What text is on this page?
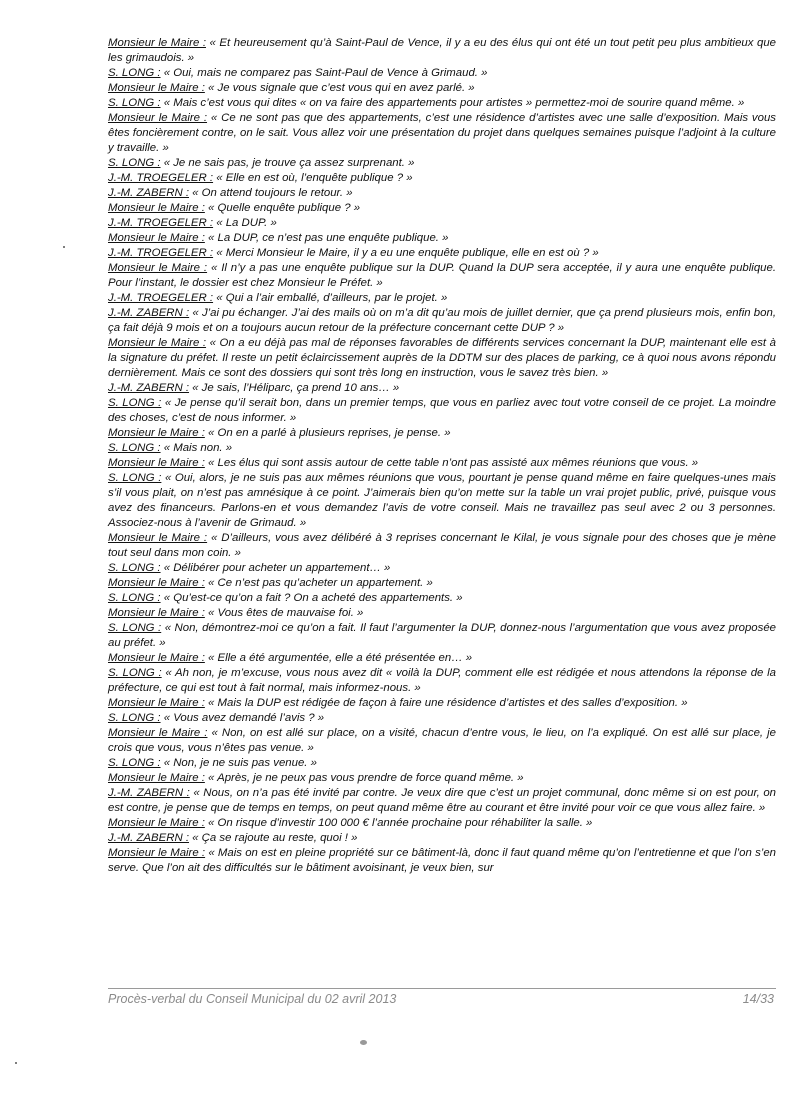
Monsieur le Maire : « Et heureusement qu’à Saint-Paul de Vence, il y a eu des élus qui ont été un tout petit peu plus ambitieux que les grimaudois. »

S. LONG : « Oui, mais ne comparez pas Saint-Paul de Vence à Grimaud. »

Monsieur le Maire : « Je vous signale que c’est vous qui en avez parlé. »

S. LONG : « Mais c’est vous qui dites « on va faire des appartements pour artistes » permettez-moi de sourire quand même. »

Monsieur le Maire : « Ce ne sont pas que des appartements, c’est une résidence d’artistes avec une salle d’exposition. Mais vous êtes foncièrement contre, on le sait. Vous allez voir une présentation du projet dans quelques semaines puisque l’adjoint à la culture y travaille. »

S. LONG : « Je ne sais pas, je trouve ça assez surprenant. »

J.-M. TROEGELER : « Elle en est où, l’enquête publique ? »

J.-M. ZABERN : « On attend toujours le retour. »

Monsieur le Maire : « Quelle enquête publique ? »

J.-M. TROEGELER : « La DUP. »

Monsieur le Maire : « La DUP, ce n’est pas une enquête publique. »

J.-M. TROEGELER : « Merci Monsieur le Maire, il y a eu une enquête publique, elle en est où ? »

Monsieur le Maire : « Il n’y a pas une enquête publique sur la DUP. Quand la DUP sera acceptée, il y aura une enquête publique. Pour l’instant, le dossier est chez Monsieur le Préfet. »

J.-M. TROEGELER : « Qui a l’air emballé, d’ailleurs, par le projet. »

J.-M. ZABERN : « J’ai pu échanger. J’ai des mails où on m’a dit qu’au mois de juillet dernier, que ça prend plusieurs mois, enfin bon, ça fait déjà 9 mois et on a toujours aucun retour de la préfecture concernant cette DUP ? »

Monsieur le Maire : « On a eu déjà pas mal de réponses favorables de différents services concernant la DUP, maintenant elle est à la signature du préfet. Il reste un petit éclaircissement auprès de la DDTM sur des places de parking, ce à quoi nous avons répondu dernièrement. Mais ce sont des dossiers qui sont très long en instruction, vous le savez très bien. »

J.-M. ZABERN : « Je sais, l’Héliparc, ça prend 10 ans… »

S. LONG : « Je pense qu’il serait bon, dans un premier temps, que vous en parliez avec tout votre conseil de ce projet. La moindre des choses, c’est de nous informer. »

Monsieur le Maire : « On en a parlé à plusieurs reprises, je pense. »

S. LONG : « Mais non. »

Monsieur le Maire : « Les élus qui sont assis autour de cette table n’ont pas assisté aux mêmes réunions que vous. »

S. LONG : « Oui, alors, je ne suis pas aux mêmes réunions que vous, pourtant je pense quand même en faire quelques-unes mais s’il vous plait, on n’est pas amnésique à ce point. J’aimerais bien qu’on mette sur la table un vrai projet public, privé, puisque vous avez des financeurs. Parlons-en et vous demandez l’avis de votre conseil. Mais ne travaillez pas seul avec 2 ou 3 personnes. Associez-nous à l’avenir de Grimaud. »

Monsieur le Maire : « D’ailleurs, vous avez délibéré à 3 reprises concernant le Kilal, je vous signale pour des choses que je mène tout seul dans mon coin. »

S. LONG : « Délibérer pour acheter un appartement… »

Monsieur le Maire : « Ce n’est pas qu’acheter un appartement. »

S. LONG : « Qu’est-ce qu’on a fait ? On a acheté des appartements. »

Monsieur le Maire : « Vous êtes de mauvaise foi. »

S. LONG : « Non, démontrez-moi ce qu’on a fait. Il faut l’argumenter la DUP, donnez-nous l’argumentation que vous avez proposée au préfet. »

Monsieur le Maire : « Elle a été argumentée, elle a été présentée en… »

S. LONG : « Ah non, je m’excuse, vous nous avez dit « voilà la DUP, comment elle est rédigée et nous attendons la réponse de la préfecture, ce qui est tout à fait normal, mais informez-nous. »

Monsieur le Maire : « Mais la DUP est rédigée de façon à faire une résidence d’artistes et des salles d’exposition. »

S. LONG : « Vous avez demandé l’avis ? »

Monsieur le Maire : « Non, on est allé sur place, on a visité, chacun d’entre vous, le lieu, on l’a expliqué. On est allé sur place, je crois que vous, vous n’êtes pas venue. »

S. LONG : « Non, je ne suis pas venue. »

Monsieur le Maire : « Après, je ne peux pas vous prendre de force quand même. »

J.-M. ZABERN : « Nous, on n’a pas été invité par contre. Je veux dire que c’est un projet communal, donc même si on est pour, on est contre, je pense que de temps en temps, on peut quand même être au courant et être invité pour voir ce que vous allez faire. »

Monsieur le Maire : « On risque d’investir 100 000 € l’année prochaine pour réhabiliter la salle. »

J.-M. ZABERN : « Ça se rajoute au reste, quoi ! »

Monsieur le Maire : « Mais on est en pleine propriété sur ce bâtiment-là, donc il faut quand même qu’on l’entretienne et que l’on s’en serve. Que l’on ait des difficultés sur le bâtiment avoisinant, je veux bien, sur

Procès-verbal du Conseil Municipal du 02 avril 2013	14/33
